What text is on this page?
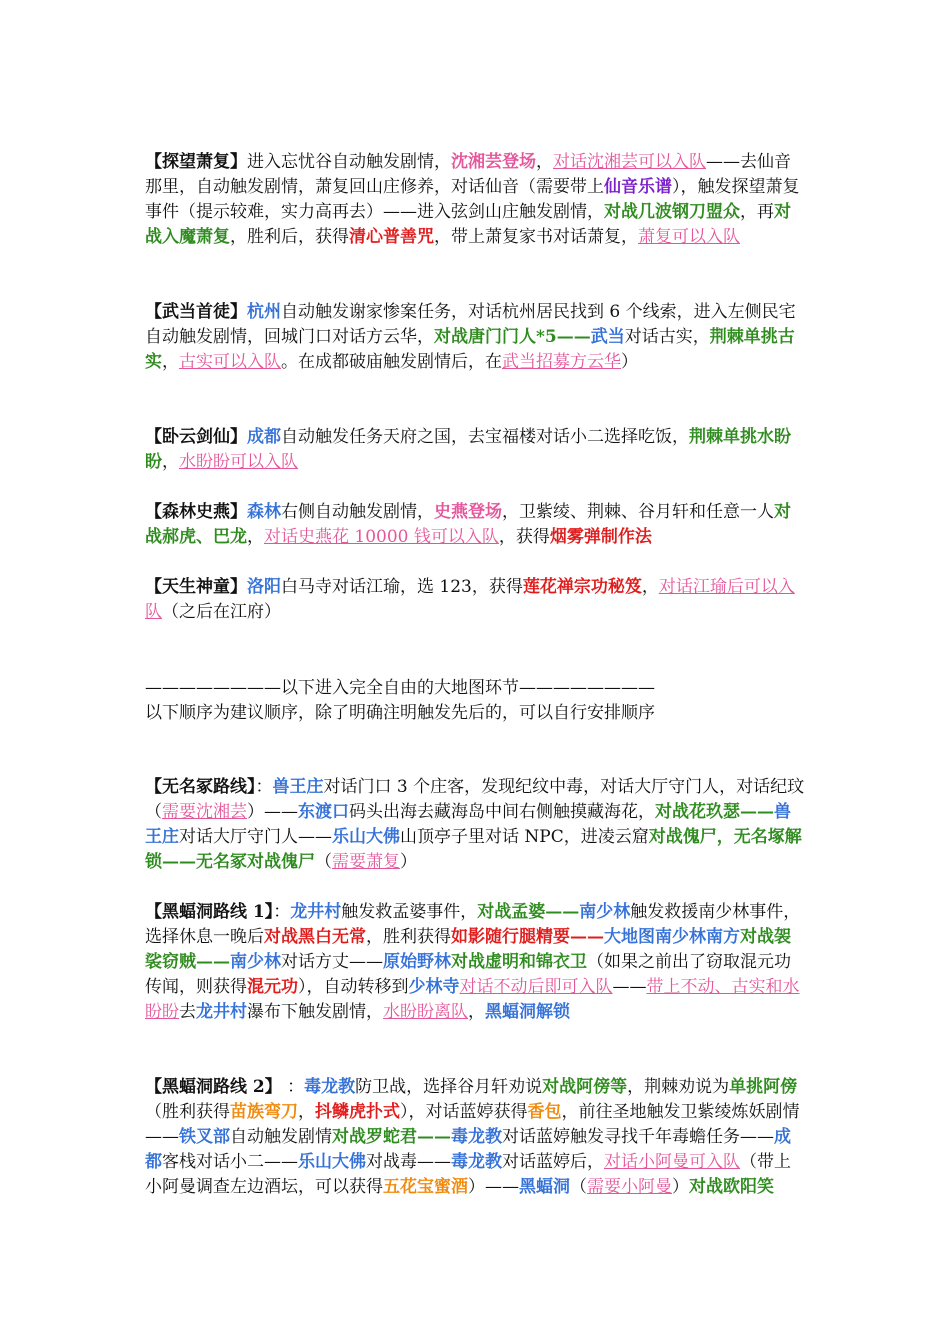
【探望萧复】进入忘忧谷自动触发剧情，沈湘芸登场，对话沈湘芸可以入队——去仙音那里，自动触发剧情，萧复回山庄修养，对话仙音（需要带上仙音乐谱），触发探望萧复事件（提示较难，实力高再去）——进入弦剑山庄触发剧情，对战几波钢刀盟众，再对战入魔萧复，胜利后，获得清心普善咒，带上萧复家书对话萧复，萧复可以入队
【武当首徒】杭州自动触发谢家惨案任务，对话杭州居民找到 6 个线索，进入左侧民宅自动触发剧情，回城门口对话方云华，对战唐门门人*5——武当对话古实，荆棘单挑古实，古实可以入队。在成都破庙触发剧情后，在武当招募方云华）
【卧云剑仙】成都自动触发任务天府之国，去宝福楼对话小二选择吃饭，荆棘单挑水盼盼，水盼盼可以入队
【森林史燕】森林右侧自动触发剧情，史燕登场，卫紫绫、荆棘、谷月轩和任意一人对战郝虎、巴龙，对话史燕花 10000 钱可以入队，获得烟雾弹制作法
【天生神童】洛阳白马寺对话江瑜，选 123，获得莲花禅宗功秘笈，对话江瑜后可以入队（之后在江府）
————————以下进入完全自由的大地图环节————————
以下顺序为建议顺序，除了明确注明触发先后的，可以自行安排顺序
【无名冢路线】：兽王庄对话门口 3 个庄客，发现纪纹中毒，对话大厅守门人，对话纪玟（需要沈湘芸）——东渡口码头出海去藏海岛中间右侧触摸藏海花，对战花玖瑟——兽王庄对话大厅守门人——乐山大佛山顶亭子里对话 NPC，进凌云窟对战傀尸，无名塚解锁——无名冢对战傀尸（需要萧复）
【黑蝠洞路线 1】：龙井村触发救孟婆事件，对战孟婆——南少林触发救援南少林事件，选择休息一晚后对战黑白无常，胜利获得如影随行腿精要——大地图南少林南方对战袈裟窃贼——南少林对话方丈——原始野林对战虚明和锦衣卫（如果之前出了窃取混元功传闻，则获得混元功），自动转移到少林寺对话不动后即可入队——带上不动、古实和水盼盼去龙井村瀑布下触发剧情，水盼盼离队，黑蝠洞解锁
【黑蝠洞路线 2】 ：毒龙教防卫战，选择谷月轩劝说对战阿傍等，荆棘劝说为单挑阿傍 （胜利获得苗族弯刀，抖鳞虎扑式），对话蓝婷获得香包，前往圣地触发卫紫绫炼妖剧情——铁叉部自动触发剧情对战罗蛇君——毒龙教对话蓝婷触发寻找千年毒蟾任务——成都客栈对话小二——乐山大佛对战毒——毒龙教对话蓝婷后，对话小阿曼可入队（带上小阿曼调查左边酒坛，可以获得五花宝蜜酒）——黑蝠洞（需要小阿曼）对战欧阳笑
